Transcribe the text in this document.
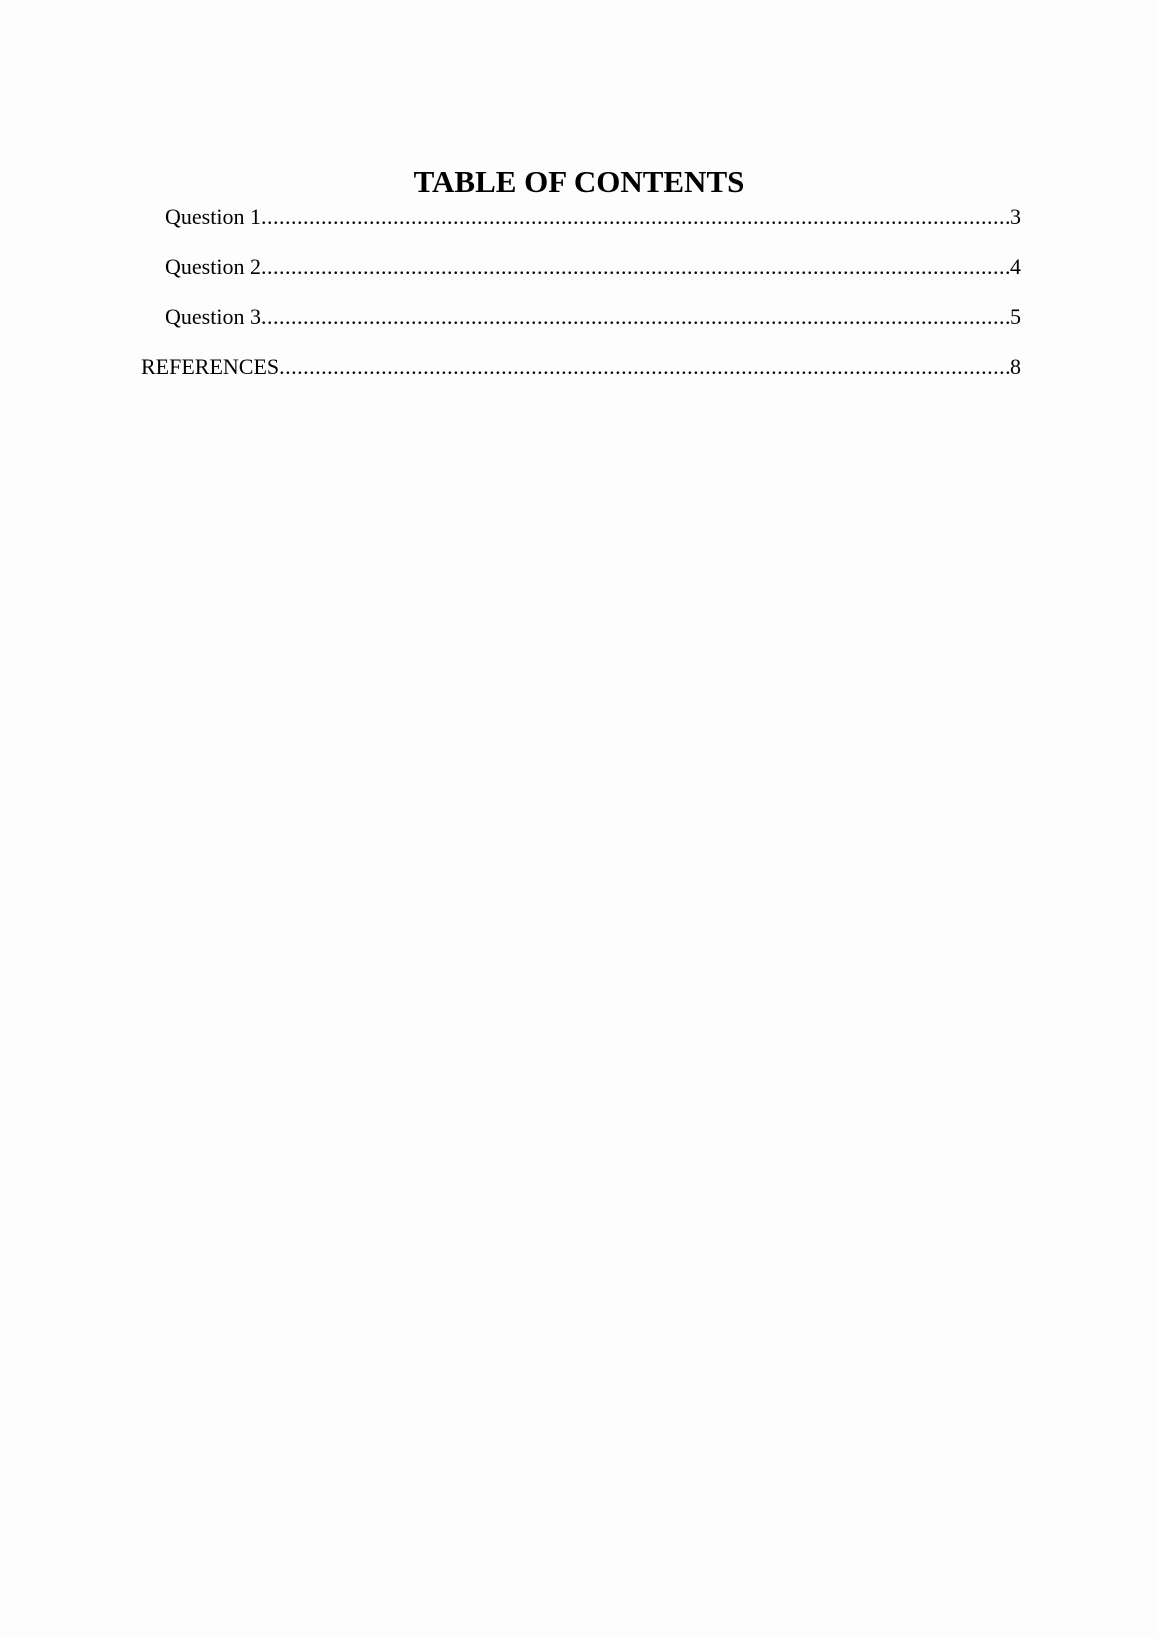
TABLE OF CONTENTS
Question 1 .....	3
Question 2 .....	4
Question 3 .....	5
REFERENCES .....	8
